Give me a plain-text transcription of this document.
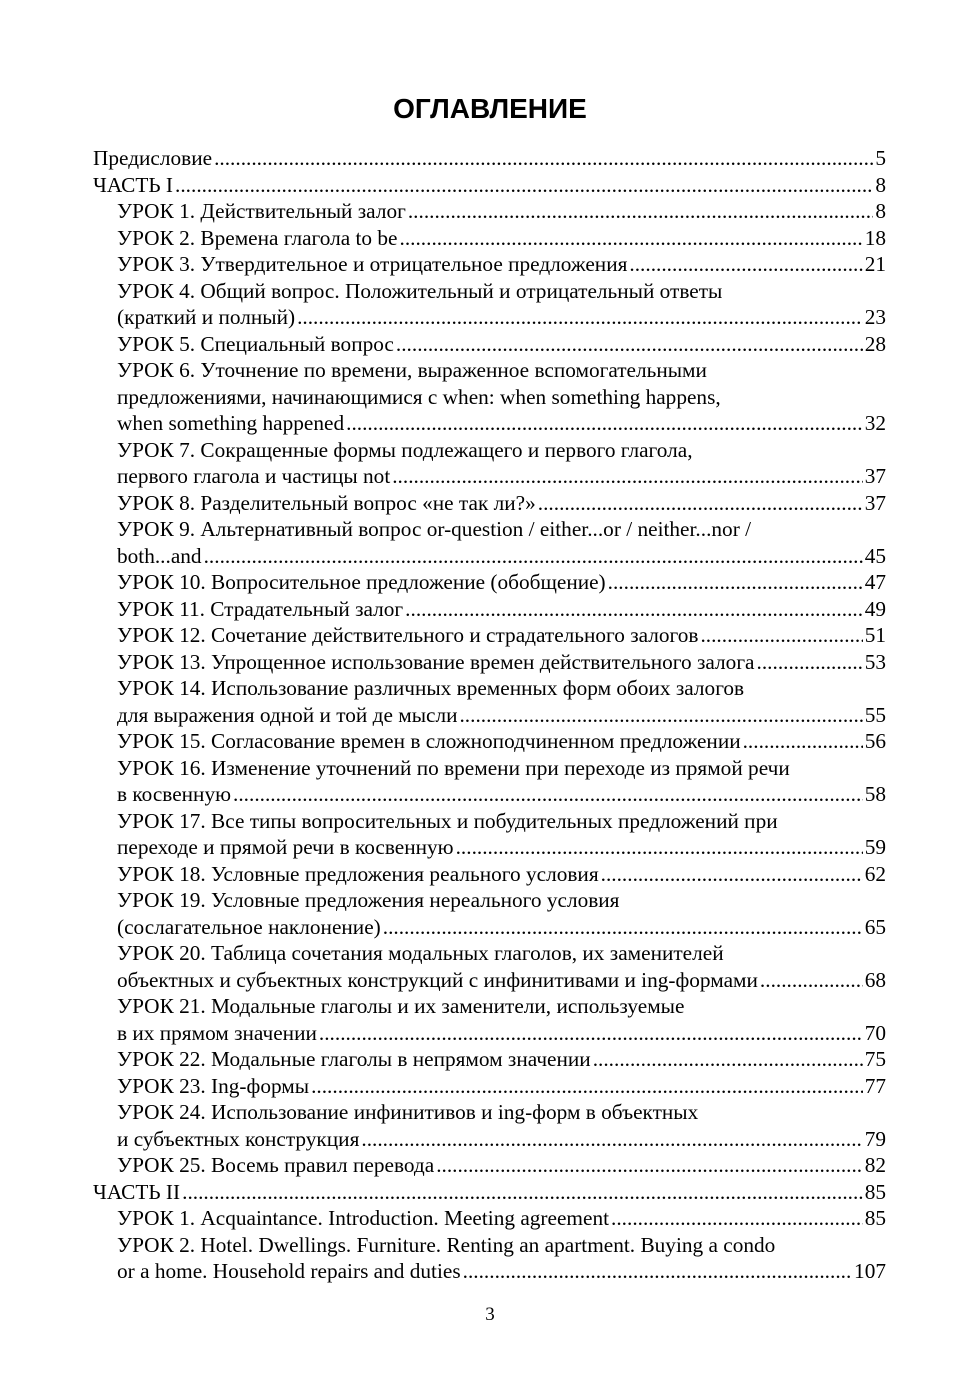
ОГЛАВЛЕНИЕ
Предисловие .....	5
ЧАСТЬ I .....	8
УРОК 1. Действительный залог .....	8
УРОК 2. Времена глагола to be .....	18
УРОК 3. Утвердительное и отрицательное предложения .....	21
УРОК 4. Общий вопрос. Положительный и отрицательный ответы
(краткий и полный) .....	23
УРОК 5. Специальный вопрос .....	28
УРОК 6. Уточнение по времени, выраженное вспомогательными
предложениями, начинающимися с when: when something happens,
when something happened .....	32
УРОК 7. Сокращенные формы подлежащего и первого глагола,
первого глагола и частицы not .....	37
УРОК 8. Разделительный вопрос «не так ли?» .....	37
УРОК 9. Альтернативный вопрос or-question / either...or / neither...nor /
both...and .....	45
УРОК 10. Вопросительное предложение (обобщение) .....	47
УРОК 11. Страдательный залог .....	49
УРОК 12. Сочетание действительного и страдательного залогов .....	51
УРОК 13. Упрощенное использование времен действительного залога .....	53
УРОК 14. Использование различных временных форм обоих залогов
для выражения одной и той де мысли .....	55
УРОК 15. Согласование времен в сложноподчиненном предложении .....	56
УРОК 16. Изменение уточнений по времени при переходе из прямой речи
в косвенную .....	58
УРОК 17. Все типы вопросительных и побудительных предложений при
переходе и прямой речи в косвенную .....	59
УРОК 18. Условные предложения реального условия .....	62
УРОК 19. Условные предложения нереального условия
(сослагательное наклонение) .....	65
УРОК 20. Таблица сочетания модальных глаголов, их заменителей
объектных и субъектных конструкций с инфинитивами и ing-формами .....	68
УРОК 21. Модальные глаголы и их заменители, используемые
в их прямом значении .....	70
УРОК 22. Модальные глаголы в непрямом значении .....	75
УРОК 23. Ing-формы .....	77
УРОК 24. Использование инфинитивов и ing-форм в объектных
и субъектных конструкция .....	79
УРОК 25. Восемь правил перевода .....	82
ЧАСТЬ II .....	85
УРОК 1. Acquaintance. Introduction. Meeting agreement .....	85
УРОК 2. Hotel. Dwellings. Furniture. Renting an apartment. Buying a condo
or a home. Household repairs and duties .....	107
3
